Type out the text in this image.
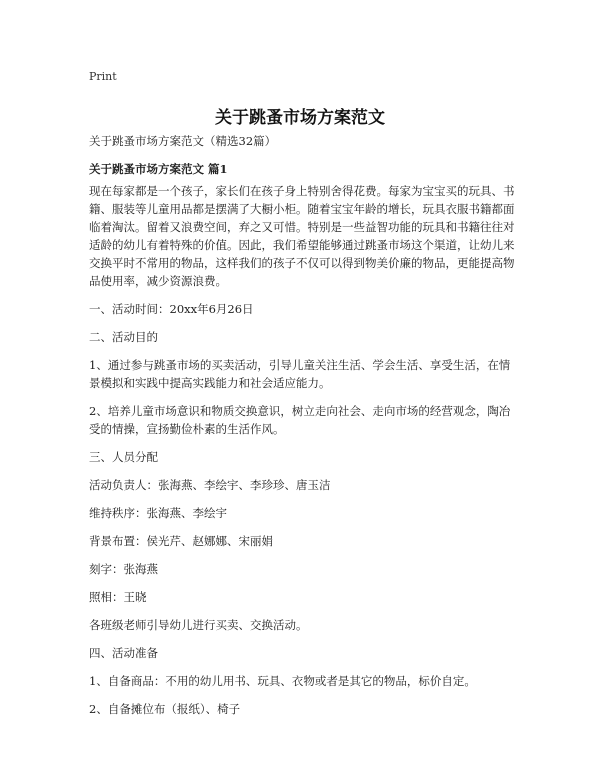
Print
关于跳蚤市场方案范文

关于跳蚤市场方案范文（精选32篇）

关于跳蚤市场方案范文 篇1

现在每家都是一个孩子，家长们在孩子身上特别舍得花费。每家为宝宝买的玩具、书籍、服装等儿童用品都是摆满了大橱小柜。随着宝宝年龄的增长，玩具衣服书籍都面临着淘汰。留着又浪费空间，弃之又可惜。特别是一些益智功能的玩具和书籍往往对适龄的幼儿有着特殊的价值。因此，我们希望能够通过跳蚤市场这个渠道，让幼儿来交换平时不常用的物品，这样我们的孩子不仅可以得到物美价廉的物品，更能提高物品使用率，减少资源浪费。

一、活动时间：20xx年6月26日

二、活动目的

1、通过参与跳蚤市场的买卖活动，引导儿童关注生活、学会生活、享受生活，在情景模拟和实践中提高实践能力和社会适应能力。

2、培养儿童市场意识和物质交换意识，树立走向社会、走向市场的经营观念，陶冶受的情操，宣扬勤俭朴素的生活作风。

三、人员分配

活动负责人：张海燕、李绘宇、李珍珍、唐玉洁

维持秩序：张海燕、李绘宇

背景布置：侯光芹、赵娜娜、宋丽娟

刻字：张海燕

照相：王晓

各班级老师引导幼儿进行买卖、交换活动。

四、活动准备

1、自备商品：不用的幼儿用书、玩具、衣物或者是其它的物品，标价自定。

2、自备摊位布（报纸）、椅子
